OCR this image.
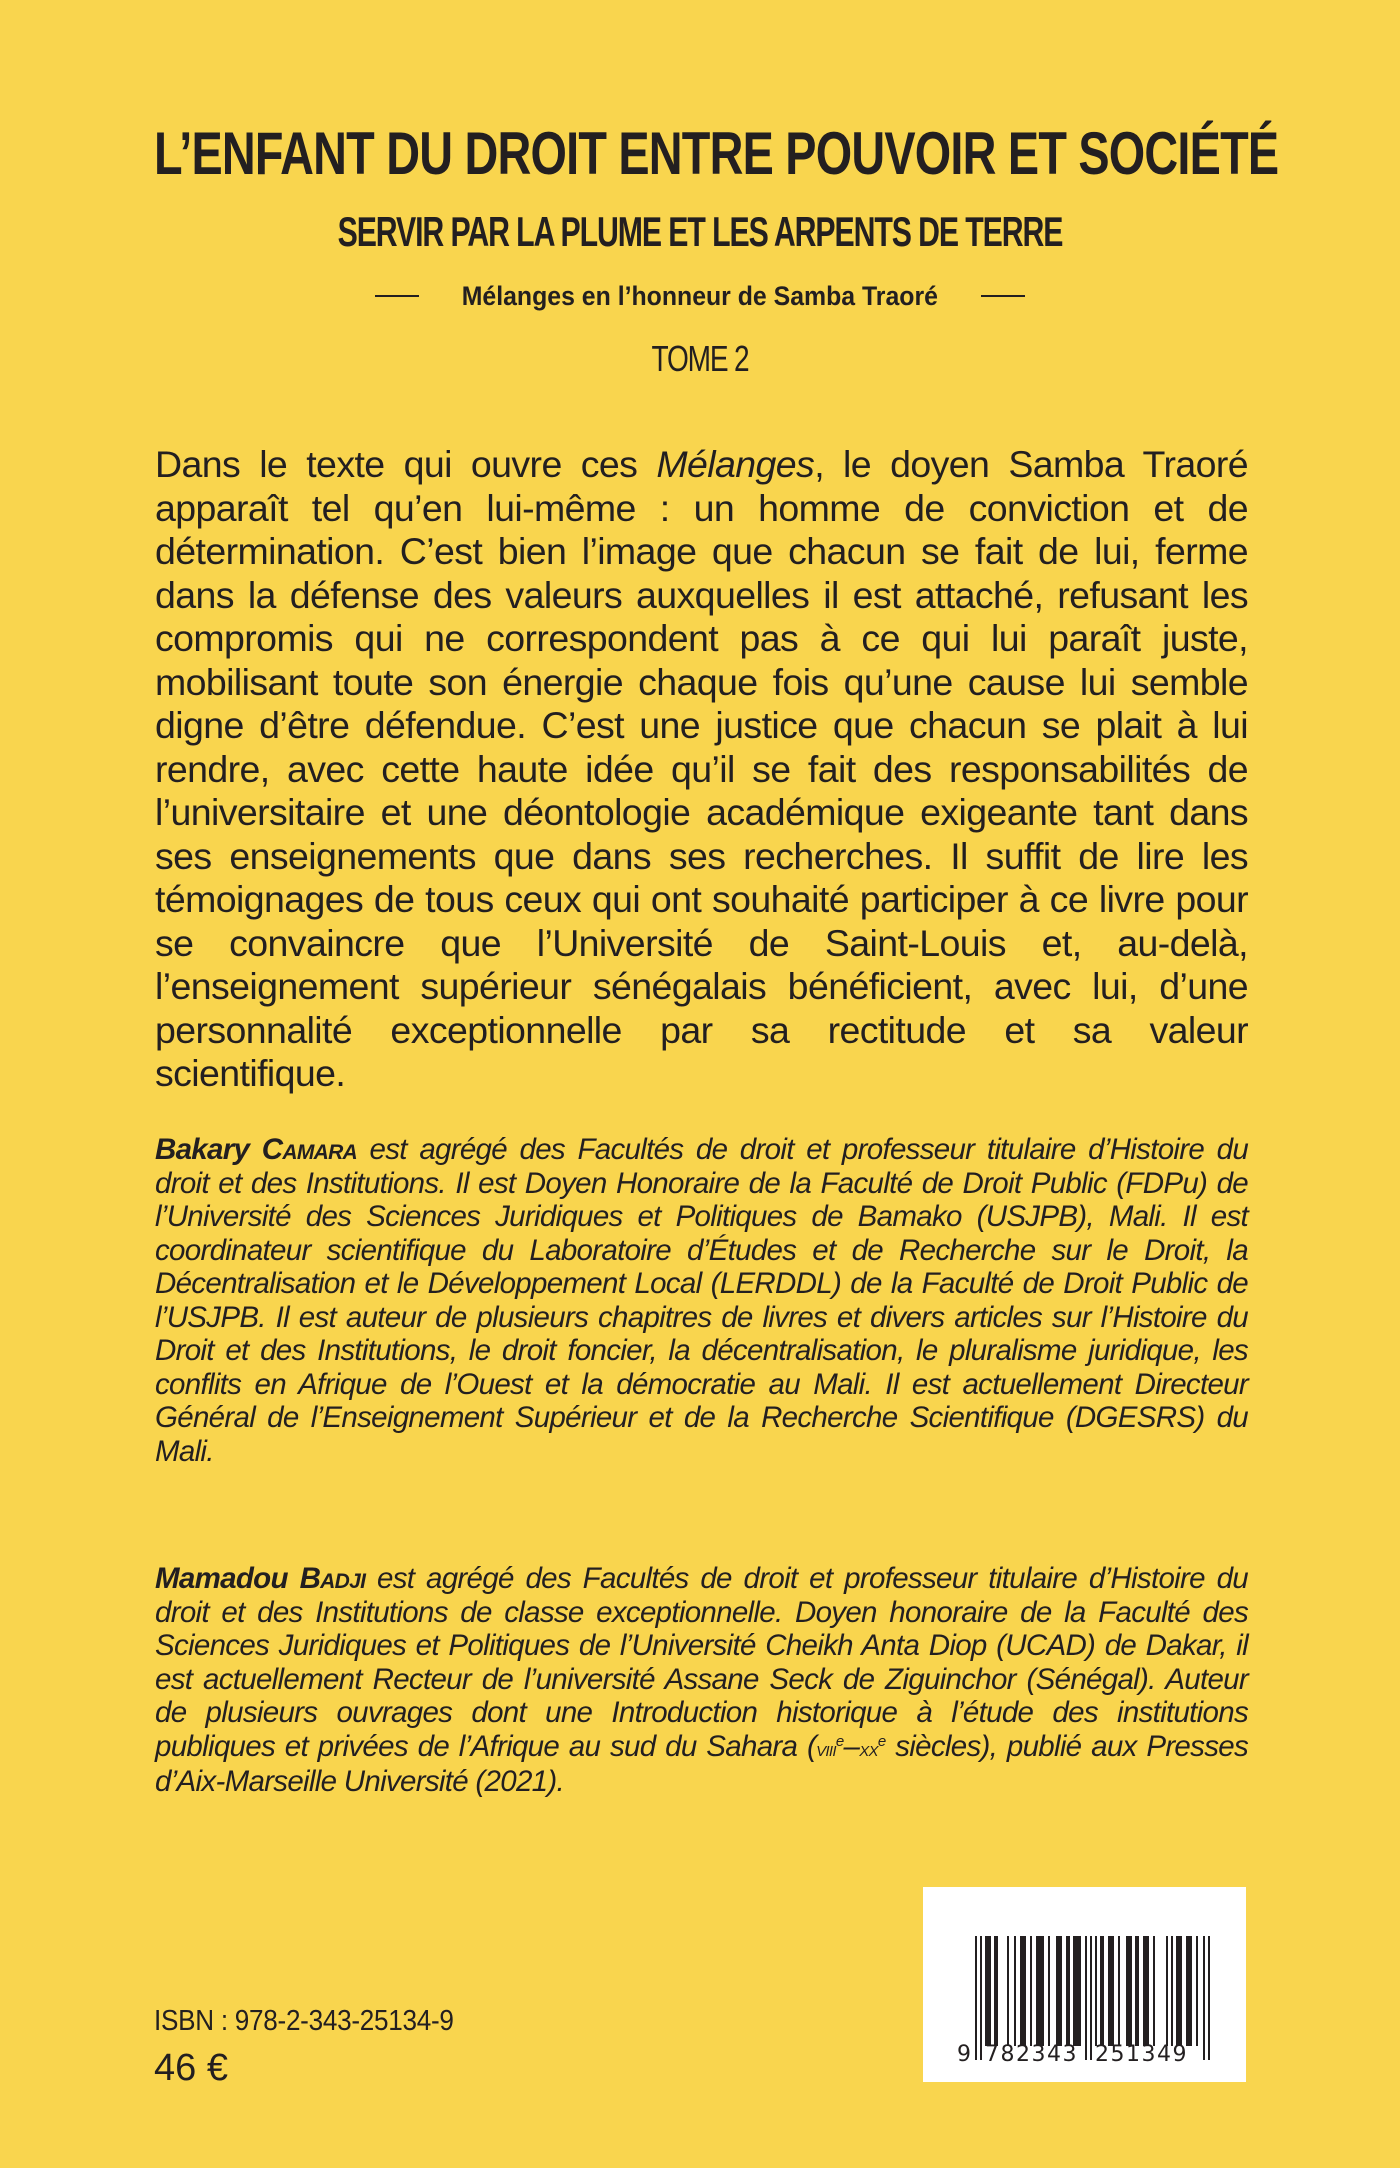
L’ENFANT DU DROIT ENTRE POUVOIR ET SOCIÉTÉ
SERVIR PAR LA PLUME ET LES ARPENTS DE TERRE
Mélanges en l’honneur de Samba Traoré
TOME 2

Dans le texte qui ouvre ces Mélanges, le doyen Samba Traoré apparaît tel qu’en lui-même : un homme de conviction et de détermination. C’est bien l’image que chacun se fait de lui, ferme dans la défense des valeurs auxquelles il est attaché, refusant les compromis qui ne correspondent pas à ce qui lui paraît juste, mobilisant toute son énergie chaque fois qu’une cause lui semble digne d’être défendue. C’est une justice que chacun se plait à lui rendre, avec cette haute idée qu’il se fait des responsabilités de l’universitaire et une déontologie académique exigeante tant dans ses enseignements que dans ses recherches. Il suffit de lire les témoignages de tous ceux qui ont souhaité participer à ce livre pour se convaincre que l’Université de Saint-Louis et, au-delà, l’enseignement supérieur sénégalais bénéficient, avec lui, d’une personnalité exceptionnelle par sa rectitude et sa valeur scientifique.

Bakary Camara est agrégé des Facultés de droit et professeur titulaire d’Histoire du droit et des Institutions. Il est Doyen Honoraire de la Faculté de Droit Public (FDPu) de l’Université des Sciences Juridiques et Politiques de Bamako (USJPB), Mali. Il est coordinateur scientifique du Laboratoire d’Études et de Recherche sur le Droit, la Décentralisation et le Développement Local (LERDDL) de la Faculté de Droit Public de l’USJPB. Il est auteur de plusieurs chapitres de livres et divers articles sur l’Histoire du Droit et des Institutions, le droit foncier, la décentralisation, le pluralisme juridique, les conflits en Afrique de l’Ouest et la démocratie au Mali. Il est actuellement Directeur Général de l’Enseignement Supérieur et de la Recherche Scientifique (DGESRS) du Mali.

Mamadou Badji est agrégé des Facultés de droit et professeur titulaire d’Histoire du droit et des Institutions de classe exceptionnelle. Doyen honoraire de la Faculté des Sciences Juridiques et Politiques de l’Université Cheikh Anta Diop (UCAD) de Dakar, il est actuellement Recteur de l’université Assane Seck de Ziguinchor (Sénégal). Auteur de plusieurs ouvrages dont une Introduction historique à l’étude des institutions publiques et privées de l’Afrique au sud du Sahara ($viii^e-xx^e$ siècles), publié aux Presses d’Aix-Marseille Université (2021).

ISBN : 978-2-343-25134-9
46 €	9 782343 251349
